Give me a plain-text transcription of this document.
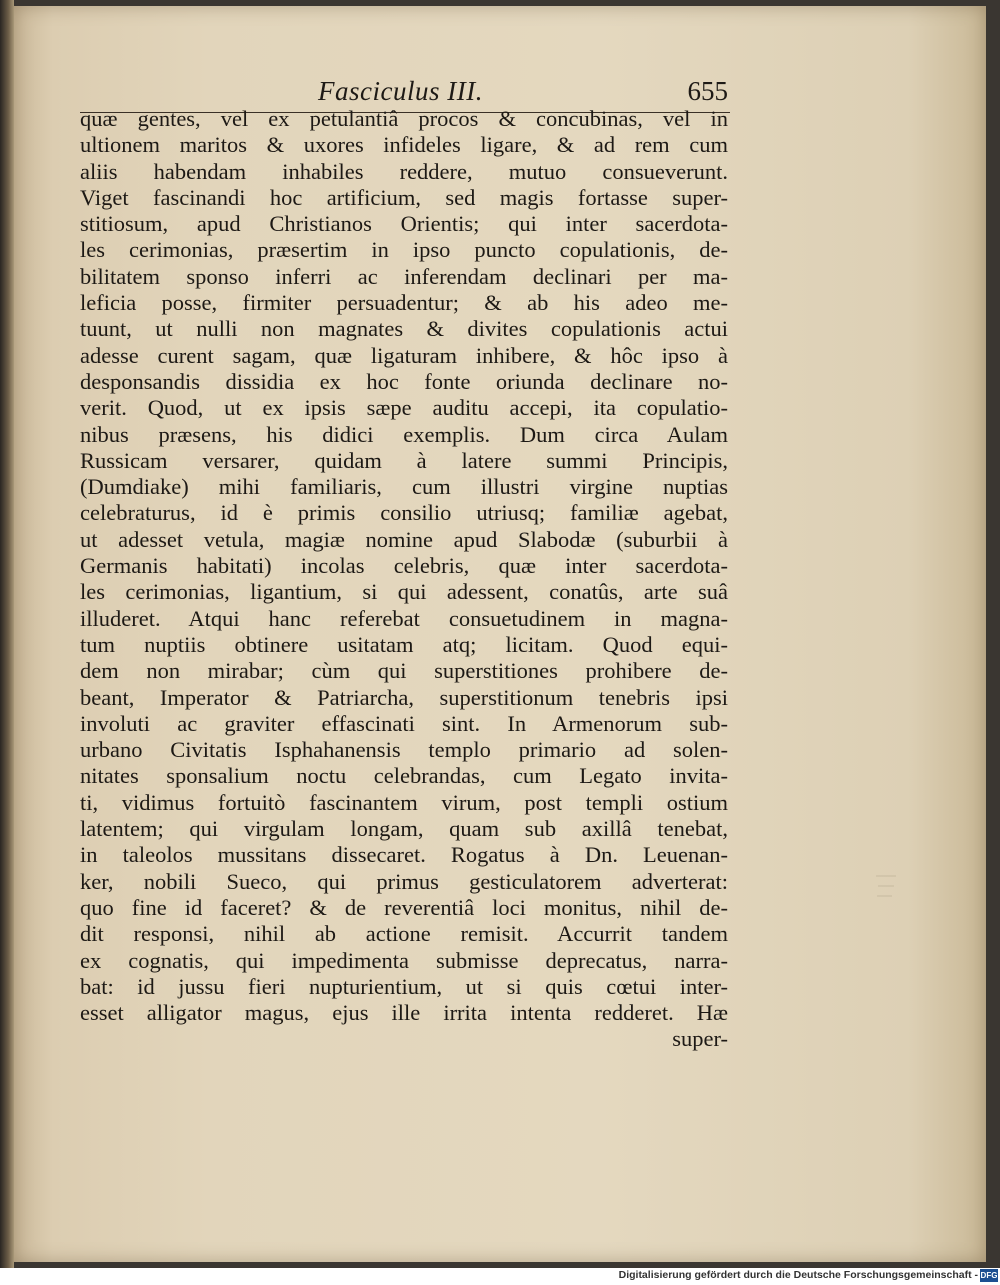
Fasciculus III.	655
quæ gentes, vel ex petulantiâ procos & concubinas, vel in
ultionem maritos & uxores infideles ligare, & ad rem cum
aliis habendam inhabiles reddere, mutuo consueverunt.
Viget fascinandi hoc artificium, sed magis fortasse super-
stitiosum, apud Christianos Orientis; qui inter sacerdota-
les cerimonias, præsertim in ipso puncto copulationis, de-
bilitatem sponso inferri ac inferendam declinari per ma-
leficia posse, firmiter persuadentur; & ab his adeo me-
tuunt, ut nulli non magnates & divites copulationis actui
adesse curent sagam, quæ ligaturam inhibere, & hôc ipso à
desponsandis dissidia ex hoc fonte oriunda declinare no-
verit. Quod, ut ex ipsis sæpe auditu accepi, ita copulatio-
nibus præsens, his didici exemplis. Dum circa Aulam
Russicam versarer, quidam à latere summi Principis,
(Dumdiake) mihi familiaris, cum illustri virgine nuptias
celebraturus, id è primis consilio utriusq; familiæ agebat,
ut adesset vetula, magiæ nomine apud Slabodæ (suburbii à
Germanis habitati) incolas celebris, quæ inter sacerdota-
les cerimonias, ligantium, si qui adessent, conatûs, arte suâ
illuderet. Atqui hanc referebat consuetudinem in magna-
tum nuptiis obtinere usitatam atq; licitam. Quod equi-
dem non mirabar; cùm qui superstitiones prohibere de-
beant, Imperator & Patriarcha, superstitionum tenebris ipsi
involuti ac graviter effascinati sint. In Armenorum sub-
urbano Civitatis Isphahanensis templo primario ad solen-
nitates sponsalium noctu celebrandas, cum Legato invita-
ti, vidimus fortuitò fascinantem virum, post templi ostium
latentem; qui virgulam longam, quam sub axillâ tenebat,
in taleolos mussitans dissecaret. Rogatus à Dn. Leuenan-
ker, nobili Sueco, qui primus gesticulatorem adverterat:
quo fine id faceret? & de reverentiâ loci monitus, nihil de-
dit responsi, nihil ab actione remisit. Accurrit tandem
ex cognatis, qui impedimenta submisse deprecatus, narra-
bat: id jussu fieri nupturientium, ut si quis cœtui inter-
esset alligator magus, ejus ille irrita intenta redderet. Hæ
super-
Digitalisierung gefördert durch die Deutsche Forschungsgemeinschaft - DFG
